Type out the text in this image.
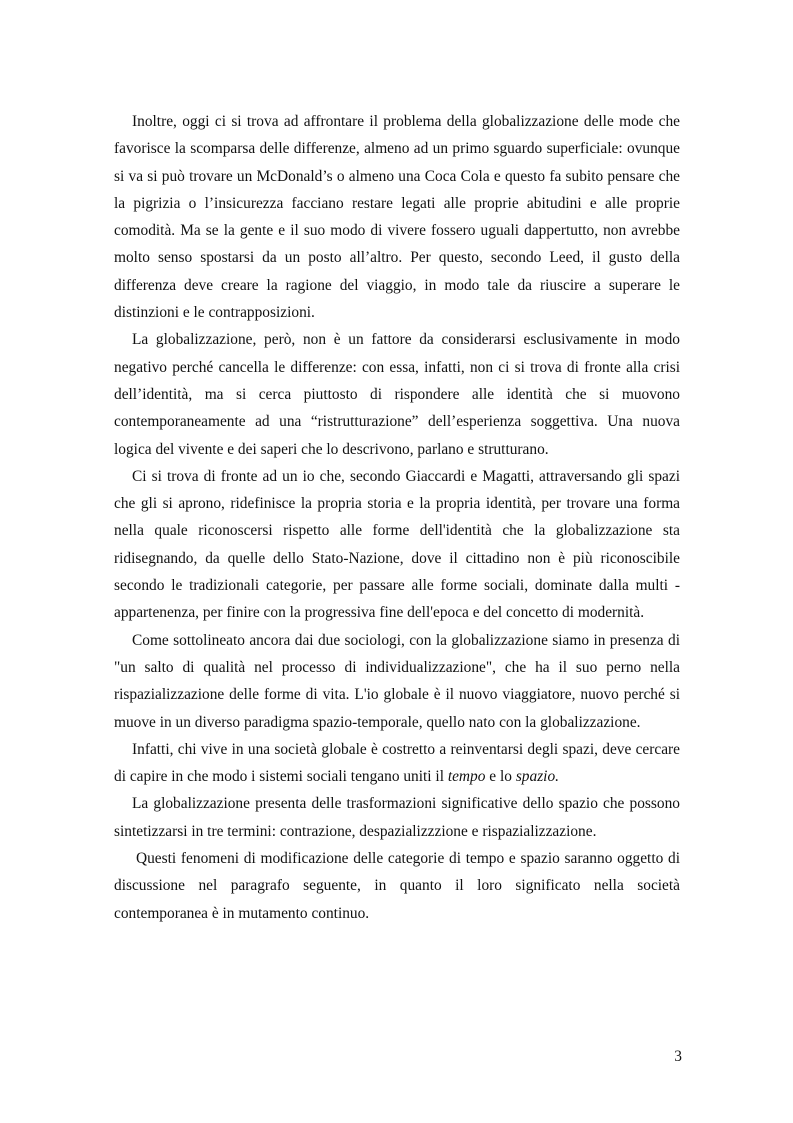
Inoltre, oggi ci si trova ad affrontare il problema della globalizzazione delle mode che favorisce la scomparsa delle differenze, almeno ad un primo sguardo superficiale: ovunque si va si può trovare un McDonald’s o almeno una Coca Cola e questo fa subito pensare che la pigrizia o l’insicurezza facciano restare legati alle proprie abitudini e alle proprie comodità. Ma se la gente e il suo modo di vivere fossero uguali dappertutto, non avrebbe molto senso spostarsi da un posto all’altro. Per questo, secondo Leed, il gusto della differenza deve creare la ragione del viaggio, in modo tale da riuscire a superare le distinzioni e le contrapposizioni.

La globalizzazione, però, non è un fattore da considerarsi esclusivamente in modo negativo perché cancella le differenze: con essa, infatti, non ci si trova di fronte alla crisi dell’identità, ma si cerca piuttosto di rispondere alle identità che si muovono contemporaneamente ad una “ristrutturazione” dell’esperienza soggettiva. Una nuova logica del vivente e dei saperi che lo descrivono, parlano e strutturano.

Ci si trova di fronte ad un io che, secondo Giaccardi e Magatti, attraversando gli spazi che gli si aprono, ridefinisce la propria storia e la propria identità, per trovare una forma nella quale riconoscersi rispetto alle forme dell'identità che la globalizzazione sta ridisegnando, da quelle dello Stato-Nazione, dove il cittadino non è più riconoscibile secondo le tradizionali categorie, per passare alle forme sociali, dominate dalla multi - appartenenza, per finire con la progressiva fine dell'epoca e del concetto di modernità.

Come sottolineato ancora dai due sociologi, con la globalizzazione siamo in presenza di "un salto di qualità nel processo di individualizzazione", che ha il suo perno nella rispazializzazione delle forme di vita. L'io globale è il nuovo viaggiatore, nuovo perché si muove in un diverso paradigma spazio-temporale, quello nato con la globalizzazione.

Infatti, chi vive in una società globale è costretto a reinventarsi degli spazi, deve cercare di capire in che modo i sistemi sociali tengano uniti il tempo e lo spazio.

La globalizzazione presenta delle trasformazioni significative dello spazio che possono sintetizzarsi in tre termini: contrazione, despazializzzione e rispazializzazione.

Questi fenomeni di modificazione delle categorie di tempo e spazio saranno oggetto di discussione nel paragrafo seguente, in quanto il loro significato nella società contemporanea è in mutamento continuo.

3
